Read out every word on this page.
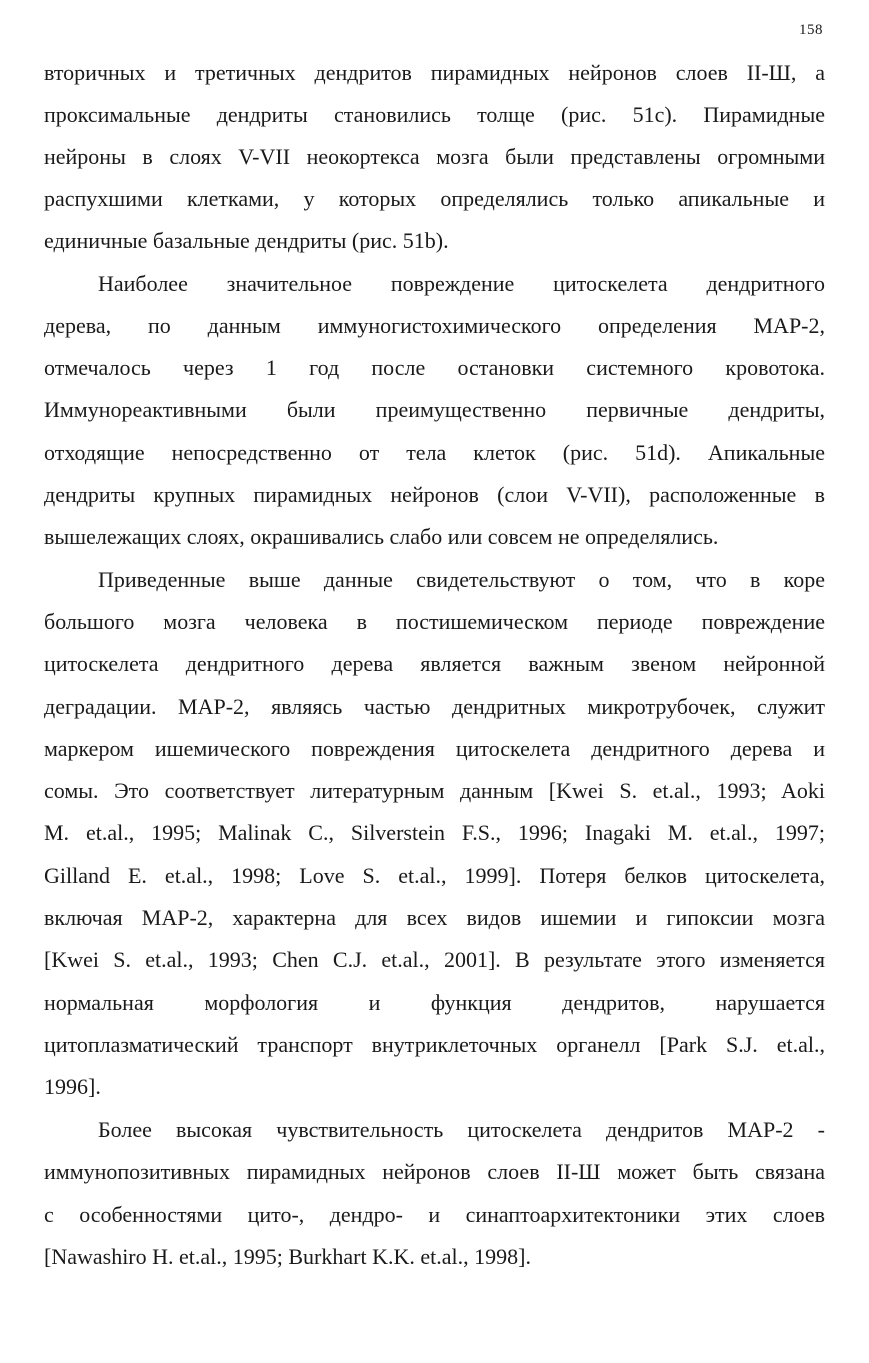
158
вторичных и третичных дендритов пирамидных нейронов слоев II-Ш, а
проксимальные дендриты становились толще (рис. 51с). Пирамидные
нейроны в слоях V-VII неокортекса мозга были представлены огромными
распухшими клетками, у которых определялись только апикальные и
единичные базальные дендриты (рис. 51b).
Наиболее значительное повреждение цитоскелета дендритного
дерева, по данным иммуногистохимического определения MAP-2,
отмечалось через 1 год после остановки системного кровотока.
Иммунореактивными были преимущественно первичные дендриты,
отходящие непосредственно от тела клеток (рис. 51d). Апикальные
дендриты крупных пирамидных нейронов (слои V-VII), расположенные в
вышележащих слоях, окрашивались слабо или совсем не определялись.
Приведенные выше данные свидетельствуют о том, что в коре
большого мозга человека в постишемическом периоде повреждение
цитоскелета дендритного дерева является важным звеном нейронной
деградации. MAP-2, являясь частью дендритных микротрубочек, служит
маркером ишемического повреждения цитоскелета дендритного дерева и
сомы. Это соответствует литературным данным [Kwei S. et.al., 1993; Aoki
M. et.al., 1995; Malinak C., Silverstein F.S., 1996; Inagaki M. et.al., 1997;
Gilland E. et.al., 1998; Love S. et.al., 1999]. Потеря белков цитоскелета,
включая MAP-2, характерна для всех видов ишемии и гипоксии мозга
[Kwei S. et.al., 1993; Chen C.J. et.al., 2001]. В результате этого изменяется
нормальная морфология и функция дендритов, нарушается
цитоплазматический транспорт внутриклеточных органелл [Park S.J. et.al.,
1996].
Более высокая чувствительность цитоскелета дендритов MAP-2 -
иммунопозитивных пирамидных нейронов слоев II-Ш может быть связана
с особенностями цито-, дендро- и синаптоархитектоники этих слоев
[Nawashiro H. et.al., 1995; Burkhart K.K. et.al., 1998].
